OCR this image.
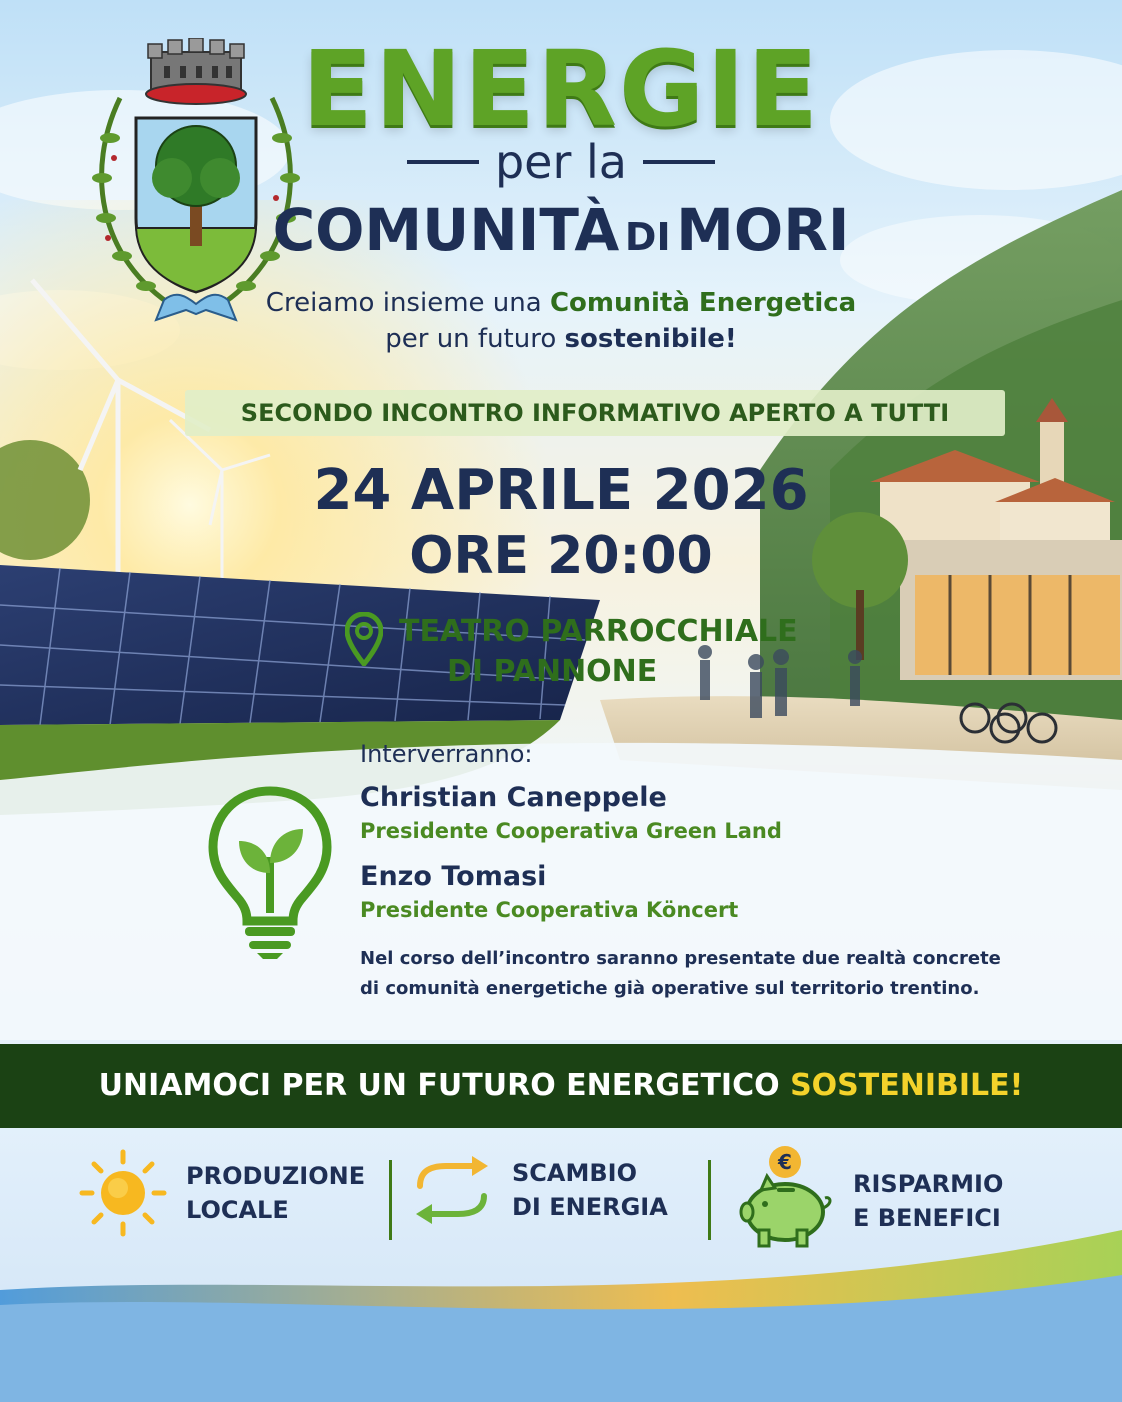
ENERGIE
per la
COMUNITÀ DI MORI
Creiamo insieme una Comunità Energetica
per un futuro sostenibile!
SECONDO INCONTRO INFORMATIVO APERTO A TUTTI
24 APRILE 2026
ORE 20:00
TEATRO PARROCCHIALE
DI PANNONE
Interverranno:
Christian Caneppele
Presidente Cooperativa Green Land
Enzo Tomasi
Presidente Cooperativa Köncert
Nel corso dell’incontro saranno presentate due realtà concrete
di comunità energetiche già operative sul territorio trentino.
UNIAMOCI PER UN FUTURO ENERGETICO SOSTENIBILE!
PRODUZIONE
LOCALE
SCAMBIO
DI ENERGIA
€
RISPARMIO
E BENEFICI
